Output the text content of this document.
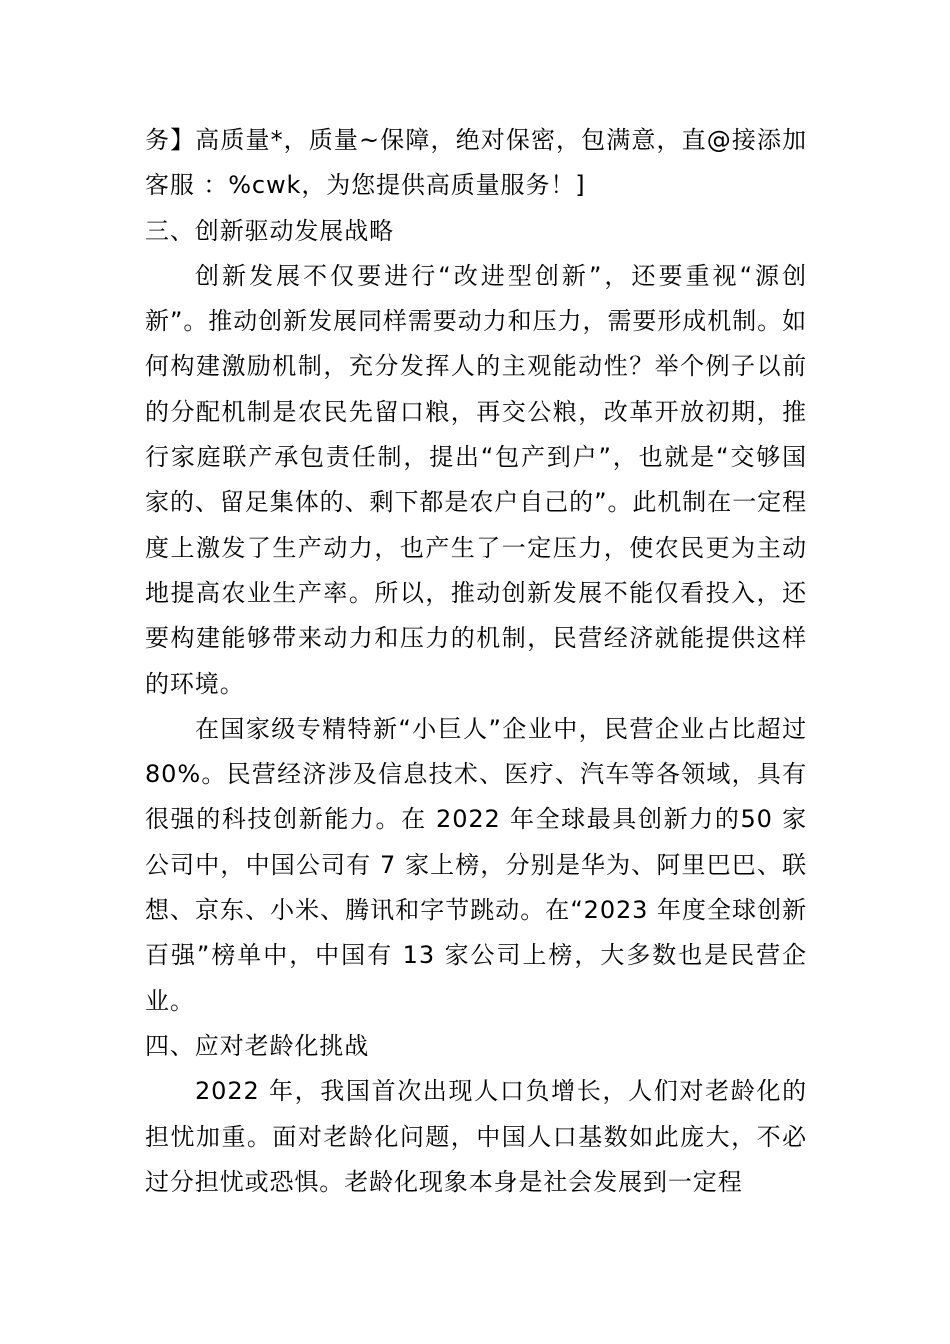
务】高质量*，质量~保障，绝对保密，包满意，直@接添加客服 ：%cwk，为您提供高质量服务！]

三、创新驱动发展战略

创新发展不仅要进行“改进型创新”，还要重视“源创新”。推动创新发展同样需要动力和压力，需要形成机制。如何构建激励机制，充分发挥人的主观能动性？举个例子以前的分配机制是农民先留口粮，再交公粮，改革开放初期，推行家庭联产承包责任制，提出“包产到户”，也就是“交够国家的、留足集体的、剩下都是农户自己的”。此机制在一定程度上激发了生产动力，也产生了一定压力，使农民更为主动地提高农业生产率。所以，推动创新发展不能仅看投入，还要构建能够带来动力和压力的机制，民营经济就能提供这样的环境。

在国家级专精特新“小巨人”企业中，民营企业占比超过 80%。民营经济涉及信息技术、医疗、汽车等各领域，具有很强的科技创新能力。在 2022 年全球最具创新力的50 家公司中，中国公司有 7 家上榜，分别是华为、阿里巴巴、联想、京东、小米、腾讯和字节跳动。在“2023 年度全球创新百强”榜单中，中国有 13 家公司上榜，大多数也是民营企业。

四、应对老龄化挑战

2022 年，我国首次出现人口负增长，人们对老龄化的担忧加重。面对老龄化问题，中国人口基数如此庞大，不必过分担忧或恐惧。老龄化现象本身是社会发展到一定程
